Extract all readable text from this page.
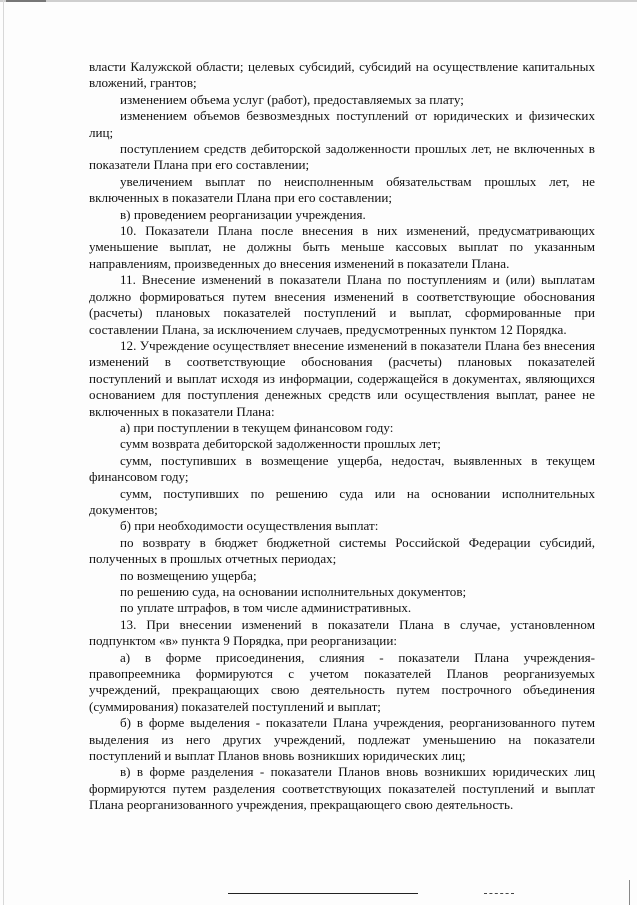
власти Калужской области; целевых субсидий, субсидий на осуществление капитальных вложений, грантов;

изменением объема услуг (работ), предоставляемых за плату;

изменением объемов безвозмездных поступлений от юридических и физических лиц;

поступлением средств дебиторской задолженности прошлых лет, не включенных в показатели Плана при его составлении;

увеличением выплат по неисполненным обязательствам прошлых лет, не включенных в показатели Плана при его составлении;

в) проведением реорганизации учреждения.

10. Показатели Плана после внесения в них изменений, предусматривающих уменьшение выплат, не должны быть меньше кассовых выплат по указанным направлениям, произведенных до внесения изменений в показатели Плана.

11. Внесение изменений в показатели Плана по поступлениям и (или) выплатам должно формироваться путем внесения изменений в соответствующие обоснования (расчеты) плановых показателей поступлений и выплат, сформированные при составлении Плана, за исключением случаев, предусмотренных пунктом 12 Порядка.

12. Учреждение осуществляет внесение изменений в показатели Плана без внесения изменений в соответствующие обоснования (расчеты) плановых показателей поступлений и выплат исходя из информации, содержащейся в документах, являющихся основанием для поступления денежных средств или осуществления выплат, ранее не включенных в показатели Плана:

а) при поступлении в текущем финансовом году:

сумм возврата дебиторской задолженности прошлых лет;

сумм, поступивших в возмещение ущерба, недостач, выявленных в текущем финансовом году;

сумм, поступивших по решению суда или на основании исполнительных документов;

б) при необходимости осуществления выплат:

по возврату в бюджет бюджетной системы Российской Федерации субсидий, полученных в прошлых отчетных периодах;

по возмещению ущерба;

по решению суда, на основании исполнительных документов;

по уплате штрафов, в том числе административных.

13. При внесении изменений в показатели Плана в случае, установленном подпунктом «в» пункта 9 Порядка, при реорганизации:

а) в форме присоединения, слияния - показатели Плана учреждения-правопреемника формируются с учетом показателей Планов реорганизуемых учреждений, прекращающих свою деятельность путем построчного объединения (суммирования) показателей поступлений и выплат;

б) в форме выделения - показатели Плана учреждения, реорганизованного путем выделения из него других учреждений, подлежат уменьшению на показатели поступлений и выплат Планов вновь возникших юридических лиц;

в) в форме разделения - показатели Планов вновь возникших юридических лиц формируются путем разделения соответствующих показателей поступлений и выплат Плана реорганизованного учреждения, прекращающего свою деятельность.
